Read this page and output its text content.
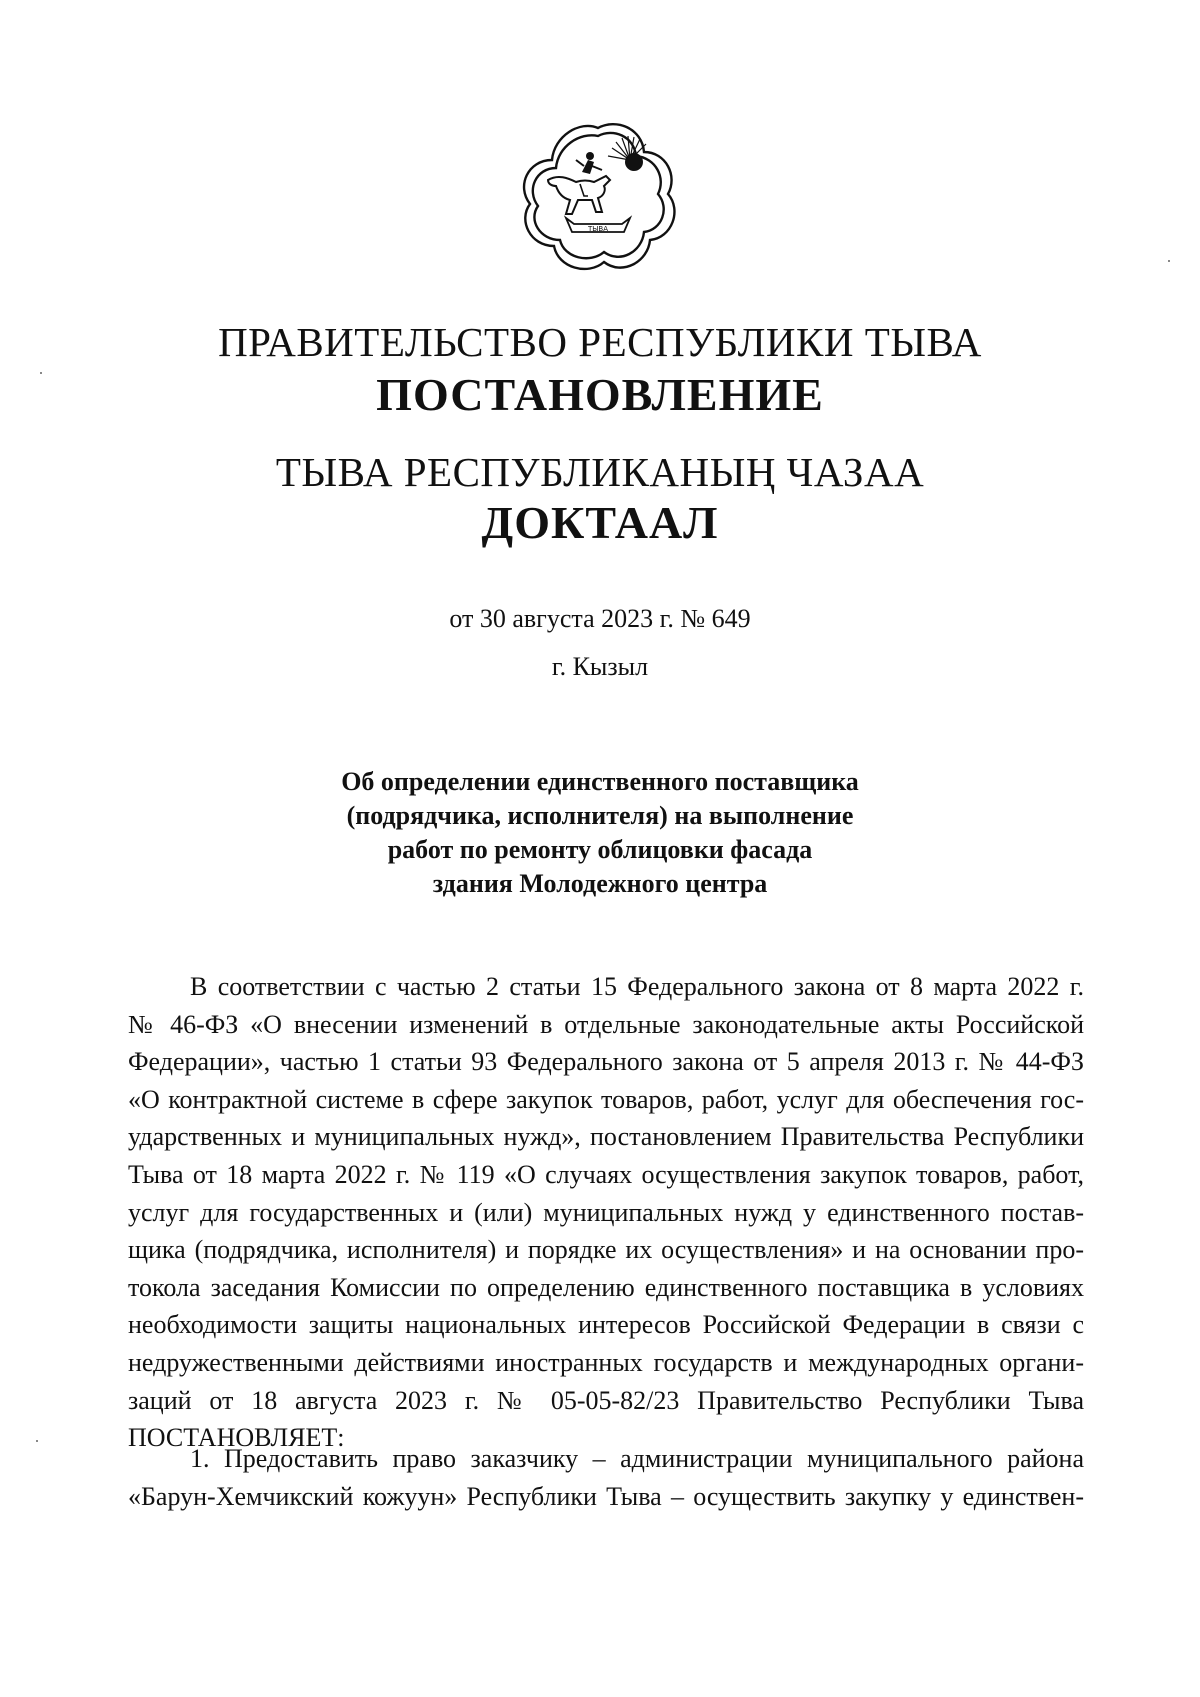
ТЫВА
ПРАВИТЕЛЬСТВО РЕСПУБЛИКИ ТЫВА
ПОСТАНОВЛЕНИЕ
ТЫВА РЕСПУБЛИКАНЫҢ ЧАЗАА
ДОКТААЛ
от 30 августа 2023 г. № 649
г. Кызыл
Об определении единственного поставщика
(подрядчика, исполнителя) на выполнение
работ по ремонту облицовки фасада
здания Молодежного центра
В соответствии с частью 2 статьи 15 Федерального закона от 8 марта 2022 г.
№ 46-ФЗ «О внесении изменений в отдельные законодательные акты Российской
Федерации», частью 1 статьи 93 Федерального закона от 5 апреля 2013 г. № 44-ФЗ
«О контрактной системе в сфере закупок товаров, работ, услуг для обеспечения гос-
ударственных и муниципальных нужд», постановлением Правительства Республики
Тыва от 18 марта 2022 г. № 119 «О случаях осуществления закупок товаров, работ,
услуг для государственных и (или) муниципальных нужд у единственного постав-
щика (подрядчика, исполнителя) и порядке их осуществления» и на основании про-
токола заседания Комиссии по определению единственного поставщика в условиях
необходимости защиты национальных интересов Российской Федерации в связи с
недружественными действиями иностранных государств и международных органи-
заций от 18 августа 2023 г. № 05-05-82/23 Правительство Республики Тыва
ПОСТАНОВЛЯЕТ:
1. Предоставить право заказчику – администрации муниципального района
«Барун-Хемчикский кожуун» Республики Тыва – осуществить закупку у единствен-
